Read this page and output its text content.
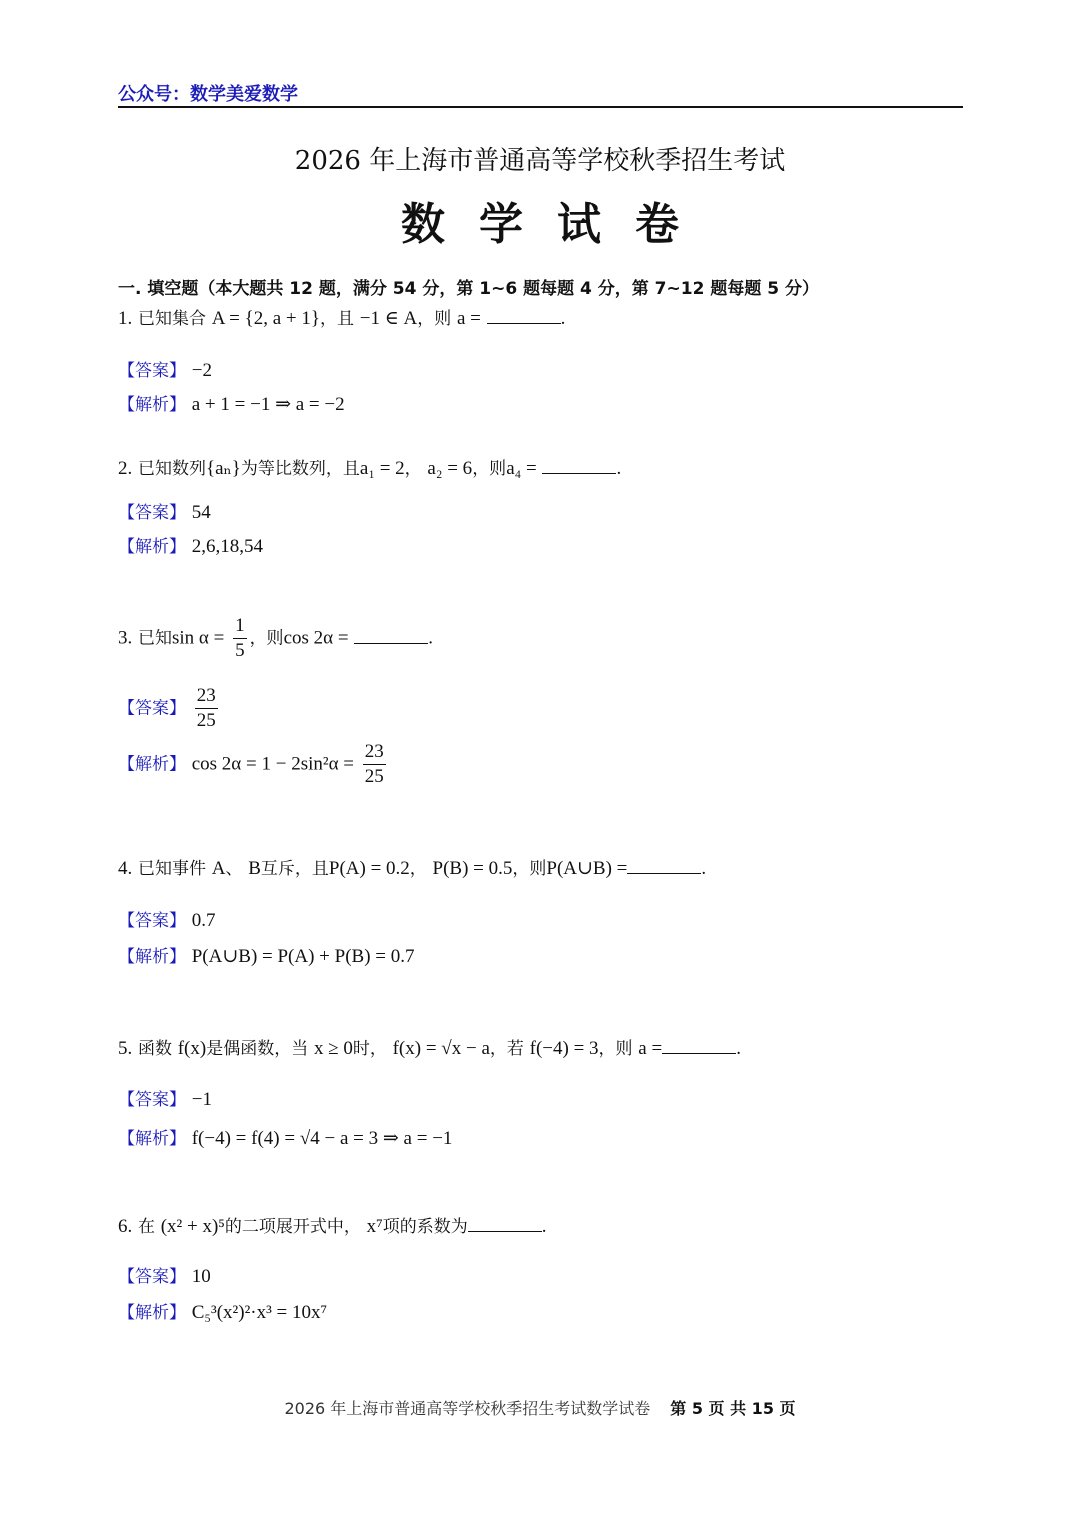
公众号：数学美爱数学
2026 年上海市普通高等学校秋季招生考试
数学试卷
一. 填空题（本大题共 12 题，满分 54 分，第 1~6 题每题 4 分，第 7~12 题每题 5 分）
1. 已知集合 A = {2, a + 1}，且 −1 ∈ A，则 a =	.
【答案】 −2
【解析】 a + 1 = −1 ⇒ a = −2
2. 已知数列{aₙ}为等比数列，且a₁ = 2， a₂ = 6，则a₄ =	.
【答案】 54
【解析】 2,6,18,54
3. 已知$\sin \alpha = \frac{1}{5}$ ，则cos 2α =	.
【答案】 $\frac{23}{25}$
【解析】 $\cos 2\alpha = 1 - 2\sin^2\alpha = \frac{23}{25}$
4. 已知事件 A、 B互斥，且P(A) = 0.2， P(B) = 0.5，则P(A∪B) =	.
【答案】 0.7
【解析】 P(A∪B) = P(A) + P(B) = 0.7
5. 函数 f(x)是偶函数，当 x ≥ 0时， f(x) = √x − a，若 f(−4) = 3，则 a =	.
【答案】 −1
【解析】 f(−4) = f(4) = √4 − a = 3 ⇒ a = −1
6. 在 (x² + x)⁵的二项展开式中， x⁷项的系数为	.
【答案】 10
【解析】 C₅³(x²)²·x³ = 10x⁷
2026 年上海市普通高等学校秋季招生考试数学试卷 第 5 页 共 15 页
